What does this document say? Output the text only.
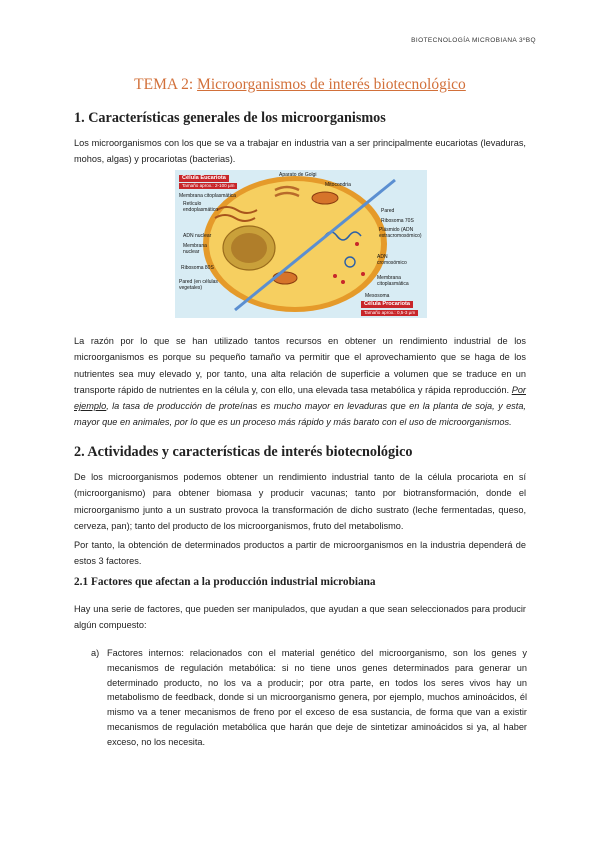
BIOTECNOLOGÍA MICROBIANA 3ºBQ
TEMA 2: Microorganismos de interés biotecnológico
1. Características generales de los microorganismos

Los microorganismos con los que se va a trabajar en industria van a ser principalmente eucariotas (levaduras, mohos, algas) y procariotas (bacterias).

Célula Eucariota
Tamaño aprox.: 2-100 µm
Célula Procariota
Tamaño aprox.: 0,5-3 µm
Aparato de Golgi
Mitocondria
Membrana citoplasmática
Retículo endoplasmático
ADN nuclear
Membrana nuclear
Ribosoma 80S
Pared (en células vegetales)
Pared
Ribosoma 70S
Plásmido (ADN extracromosómico)
ADN cromosómico
Membrana citoplasmática
Mesosoma

La razón por lo que se han utilizado tantos recursos en obtener un rendimiento industrial de los microorganismos es porque su pequeño tamaño va permitir que el aprovechamiento que se haga de los nutrientes sea muy elevado y, por tanto, una alta relación de superficie a volumen que se traduce en un transporte rápido de nutrientes en la célula y, con ello, una elevada tasa metabólica y rápida reproducción. Por ejemplo, la tasa de producción de proteínas es mucho mayor en levaduras que en la planta de soja, y esta, mayor que en animales, por lo que es un proceso más rápido y más barato con el uso de microorganismos.

2. Actividades y características de interés biotecnológico

De los microorganismos podemos obtener un rendimiento industrial tanto de la célula procariota en sí (microorganismo) para obtener biomasa y producir vacunas; tanto por biotransformación, donde el microorganismo junto a un sustrato provoca la transformación de dicho sustrato (leche fermentadas, queso, cerveza, pan); tanto del producto de los microorganismos, fruto del metabolismo.

Por tanto, la obtención de determinados productos a partir de microorganismos en la industria dependerá de estos 3 factores.

2.1 Factores que afectan a la producción industrial microbiana

Hay una serie de factores, que pueden ser manipulados, que ayudan a que sean seleccionados para producir algún compuesto:

a) Factores internos: relacionados con el material genético del microorganismo, son los genes y mecanismos de regulación metabólica: si no tiene unos genes determinados para generar un determinado producto, no los va a producir; por otra parte, en todos los seres vivos hay un metabolismo de feedback, donde si un microorganismo genera, por ejemplo, muchos aminoácidos, él mismo va a tener mecanismos de freno por el exceso de esa sustancia, de forma que van a existir mecanismos de regulación metabólica que harán que deje de sintetizar aminoácidos si ya, al haber exceso, no los necesita.
